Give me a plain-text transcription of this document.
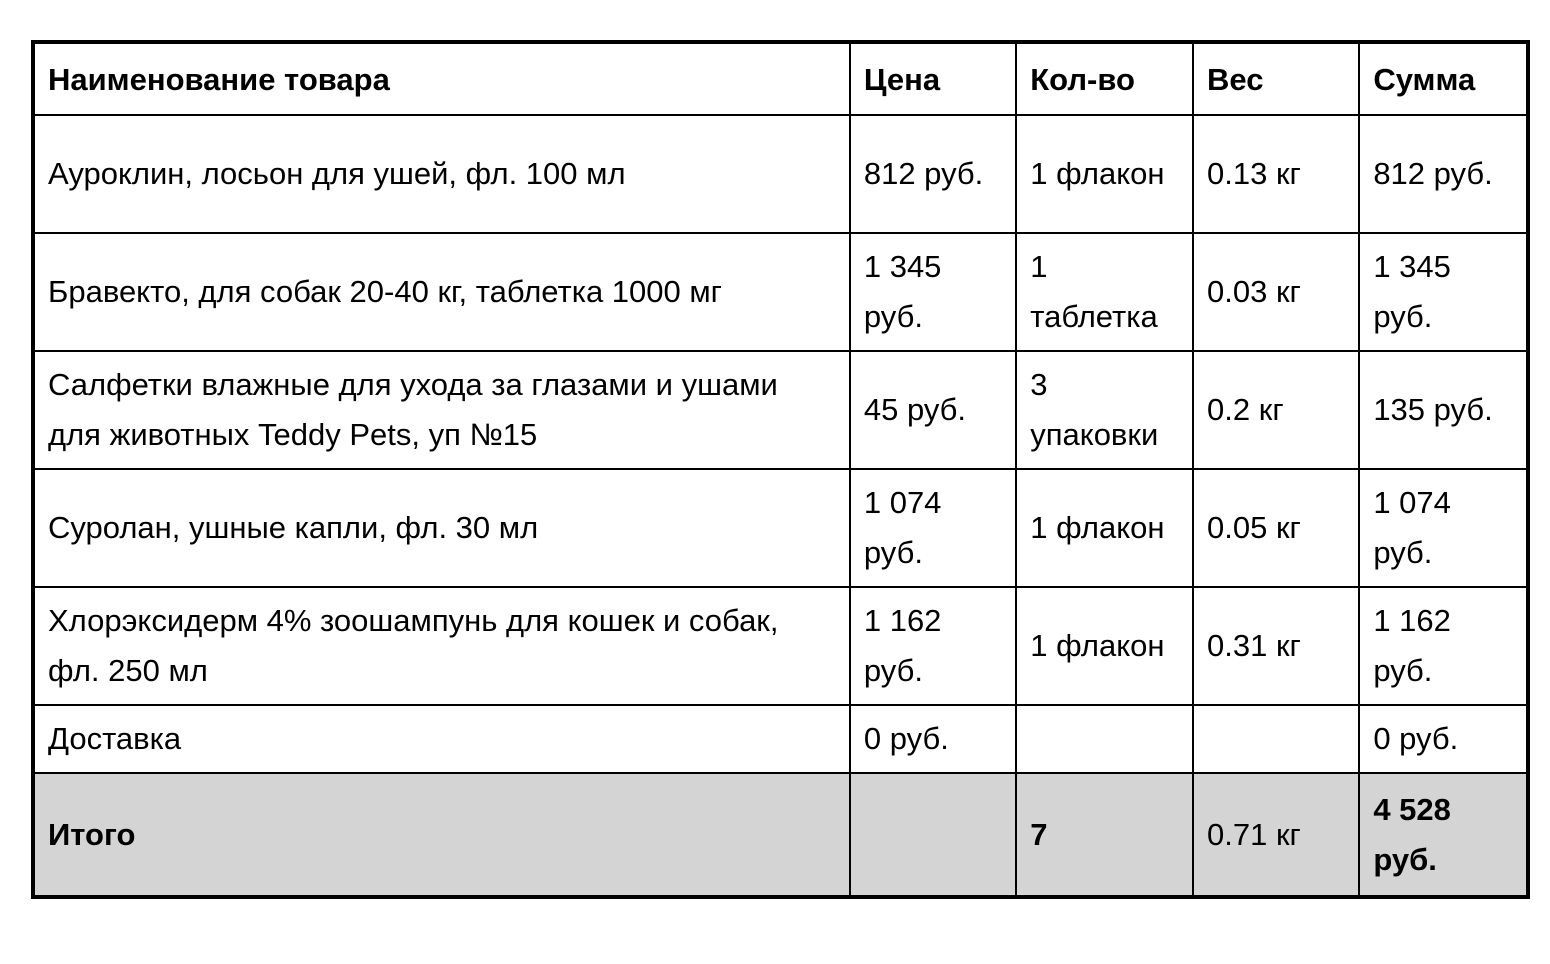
Наименование товара	Цена	Кол-во	Вес	Сумма
Ауроклин, лосьон для ушей, фл. 100 мл	812 руб.	1 флакон	0.13 кг	812 руб.
Бравекто, для собак 20-40 кг, таблетка 1000 мг	1 345 руб.	1 таблетка	0.03 кг	1 345 руб.
Салфетки влажные для ухода за глазами и ушами для животных Teddy Pets, уп №15	45 руб.	3 упаковки	0.2 кг	135 руб.
Суролан, ушные капли, фл. 30 мл	1 074 руб.	1 флакон	0.05 кг	1 074 руб.
Хлорэксидерм 4% зоошампунь для кошек и собак, фл. 250 мл	1 162 руб.	1 флакон	0.31 кг	1 162 руб.
Доставка	0 руб.			0 руб.
Итого		7	0.71 кг	4 528 руб.
